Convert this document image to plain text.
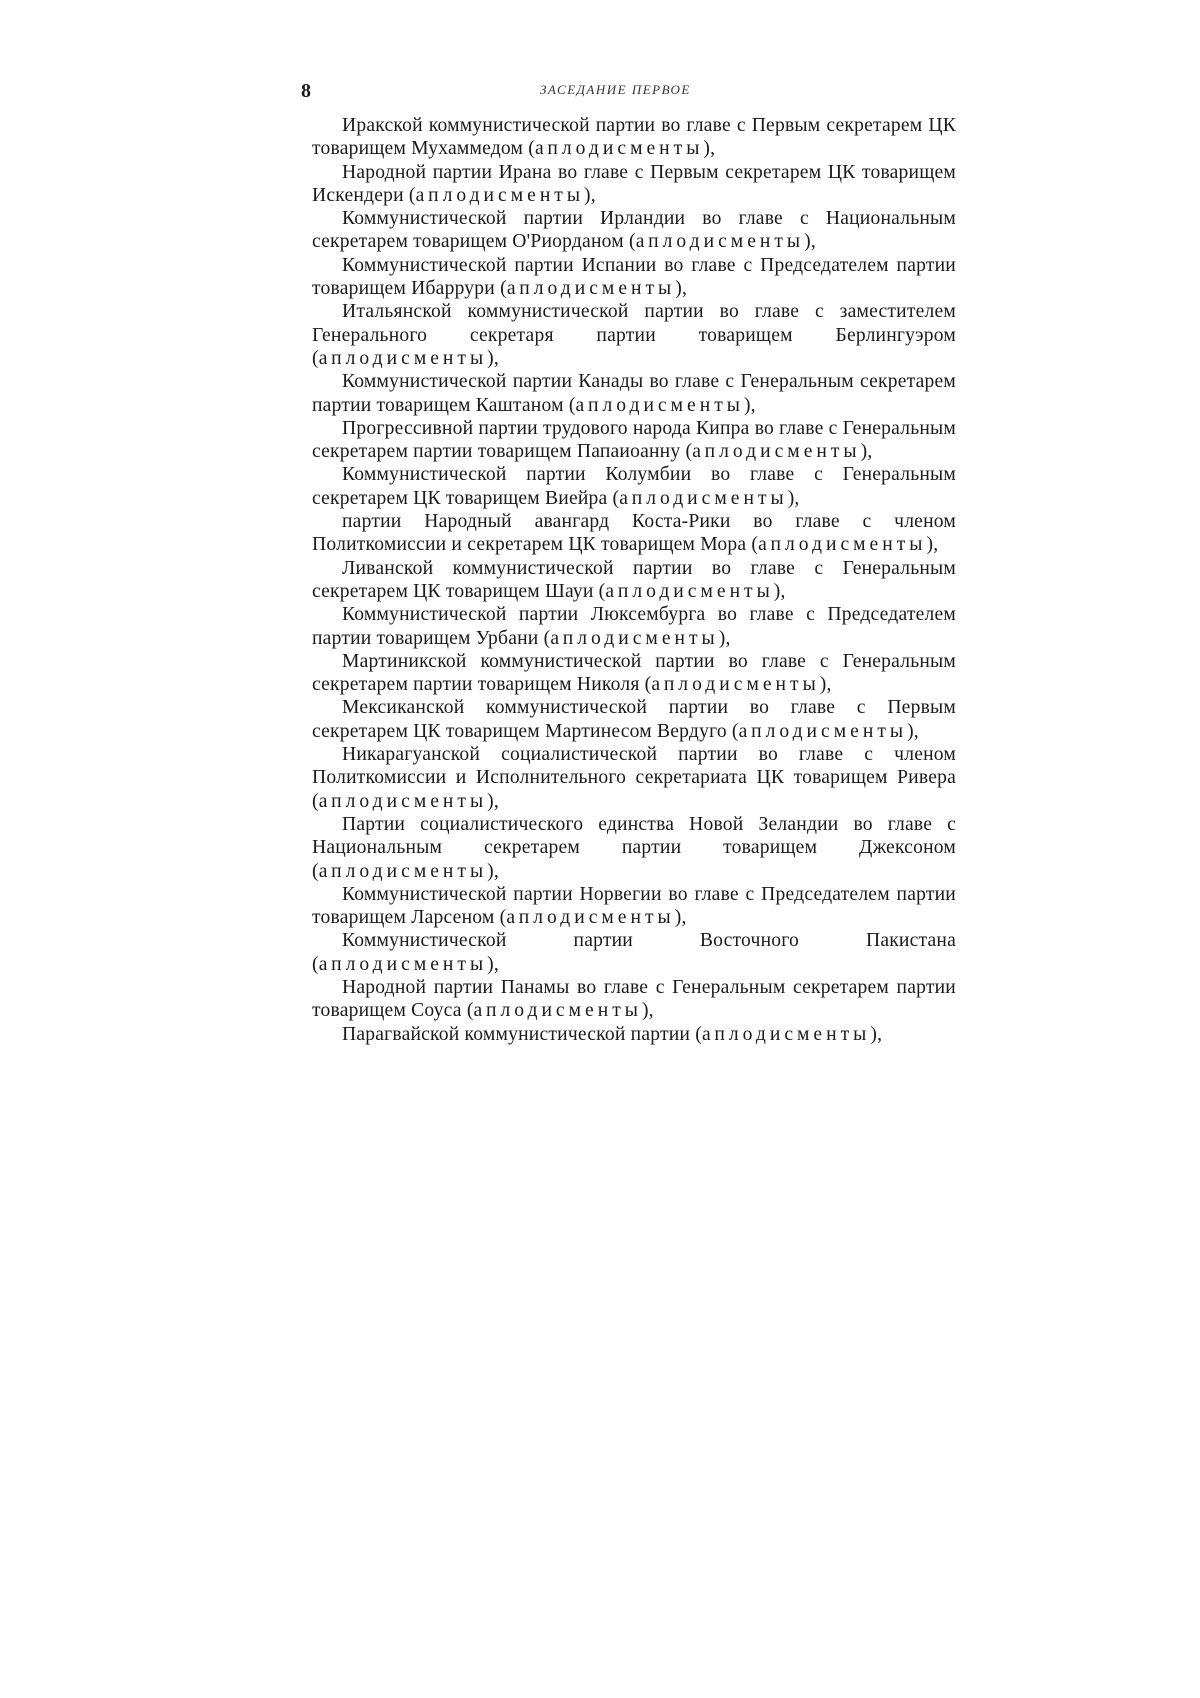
8	ЗАСЕДАНИЕ ПЕРВОЕ

Иракской коммунистической партии во главе с Первым секретарем ЦК товарищем Мухаммедом (аплодисменты),

Народной партии Ирана во главе с Первым секретарем ЦК товарищем Искендери (аплодисменты),

Коммунистической партии Ирландии во главе с Национальным секретарем товарищем О'Риорданом (аплодисменты),

Коммунистической партии Испании во главе с Председателем партии товарищем Ибаррури (аплодисменты),

Итальянской коммунистической партии во главе с заместителем Генерального секретаря партии товарищем Берлингуэром (аплодисменты),

Коммунистической партии Канады во главе с Генеральным секретарем партии товарищем Каштаном (аплодисменты),

Прогрессивной партии трудового народа Кипра во главе с Генеральным секретарем партии товарищем Папаиоанну (аплодисменты),

Коммунистической партии Колумбии во главе с Генеральным секретарем ЦК товарищем Виейра (аплодисменты),

партии Народный авангард Коста-Рики во главе с членом Политкомиссии и секретарем ЦК товарищем Мора (аплодисменты),

Ливанской коммунистической партии во главе с Генеральным секретарем ЦК товарищем Шауи (аплодисменты),

Коммунистической партии Люксембурга во главе с Председателем партии товарищем Урбани (аплодисменты),

Мартиникской коммунистической партии во главе с Генеральным секретарем партии товарищем Николя (аплодисменты),

Мексиканской коммунистической партии во главе с Первым секретарем ЦК товарищем Мартинесом Вердуго (аплодисменты),

Никарагуанской социалистической партии во главе с членом Политкомиссии и Исполнительного секретариата ЦК товарищем Ривера (аплодисменты),

Партии социалистического единства Новой Зеландии во главе с Национальным секретарем партии товарищем Джексоном (аплодисменты),

Коммунистической партии Норвегии во главе с Председателем партии товарищем Ларсеном (аплодисменты),

Коммунистической партии Восточного Пакистана (аплодисменты),

Народной партии Панамы во главе с Генеральным секретарем партии товарищем Соуса (аплодисменты),

Парагвайской коммунистической партии (аплодисменты),
